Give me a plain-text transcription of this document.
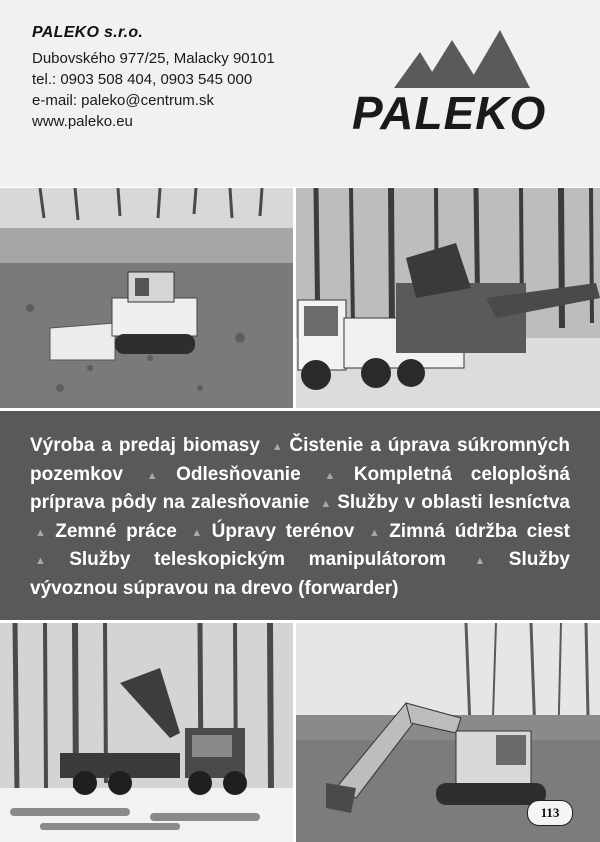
PALEKO s.r.o.
Dubovského 977/25, Malacky 90101
tel.: 0903 508 404, 0903 545 000
e-mail: paleko@centrum.sk
www.paleko.eu	PALEKO
Výroba a predaj biomasy ▲ Čistenie a úprava súkromných pozemkov ▲ Odlesňovanie ▲ Kompletná celoplošná príprava pôdy na zalesňovanie ▲ Služby v oblasti lesníctva ▲ Zemné práce ▲ Úpravy terénov ▲ Zimná údržba ciest ▲ Služby teleskopickým manipulátorom	▲ Služby vývoznou súpravou na drevo (forwarder)
113
